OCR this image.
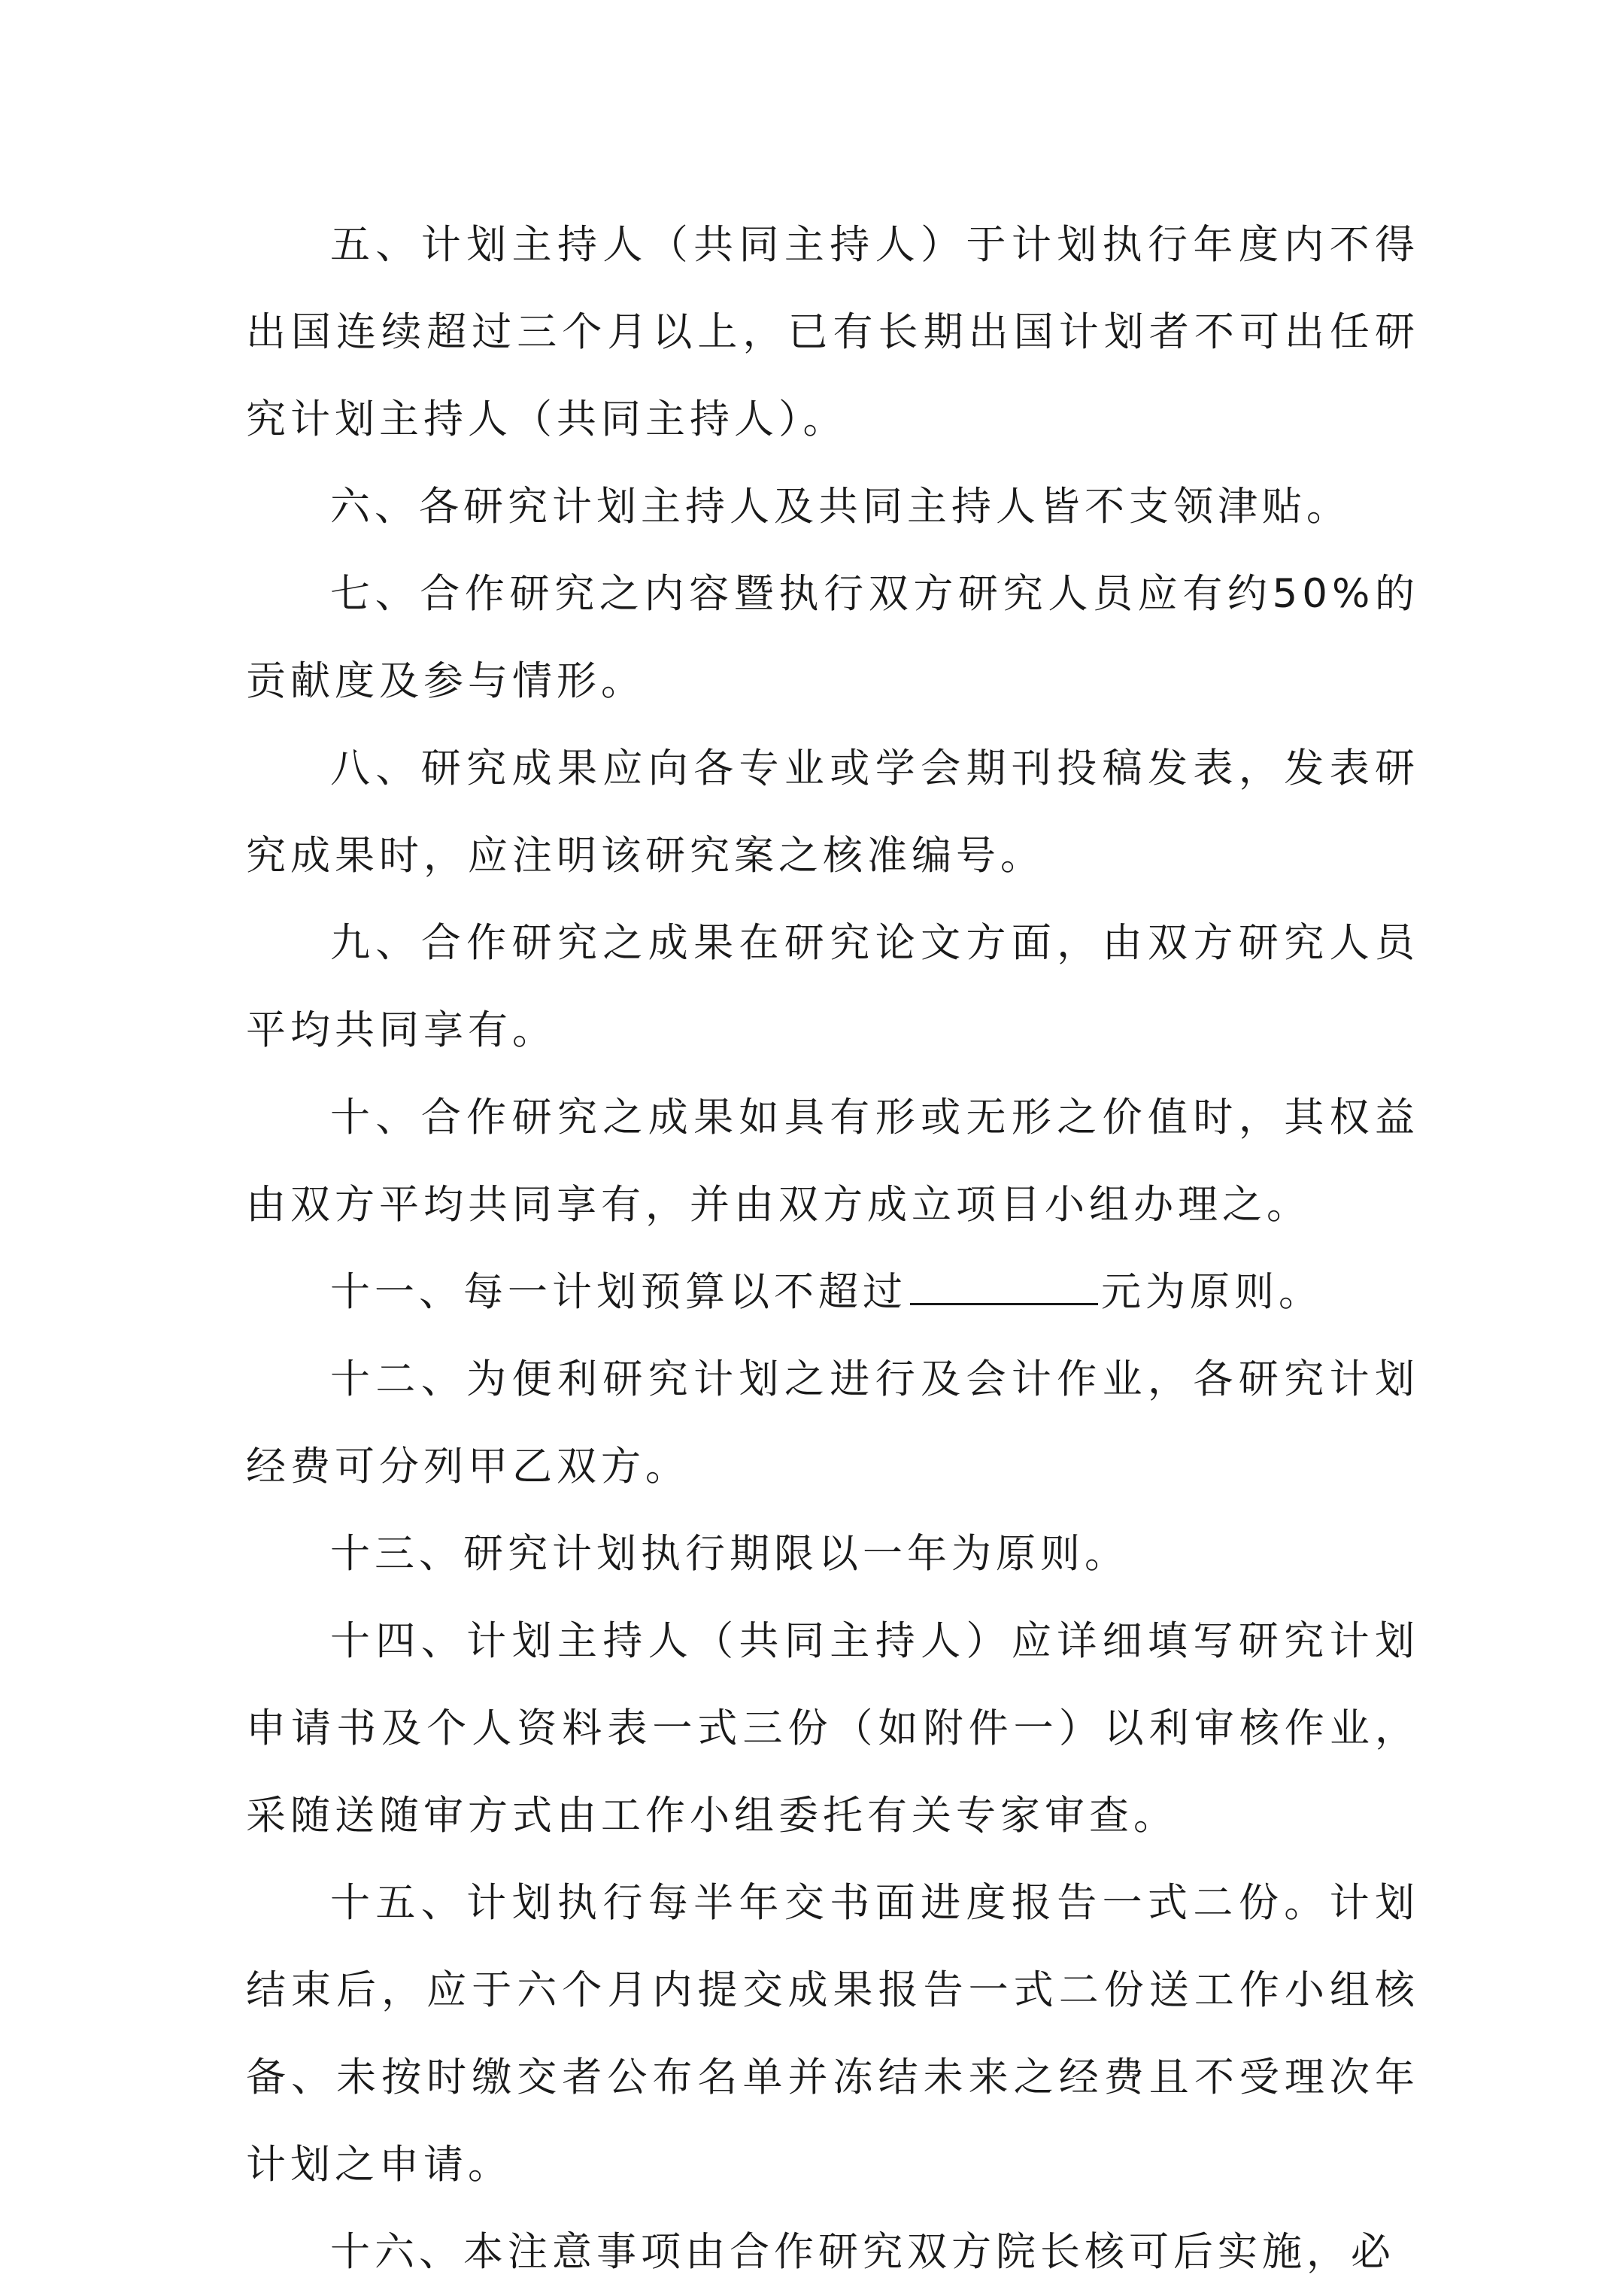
五、计划主持人（共同主持人）于计划执行年度内不得出国连续超过三个月以上，已有长期出国计划者不可出任研究计划主持人（共同主持人）。

六、各研究计划主持人及共同主持人皆不支领津贴。

七、合作研究之内容暨执行双方研究人员应有约50%的贡献度及参与情形。

八、研究成果应向各专业或学会期刊投稿发表，发表研究成果时，应注明该研究案之核准编号。

九、合作研究之成果在研究论文方面，由双方研究人员平均共同享有。

十、合作研究之成果如具有形或无形之价值时，其权益由双方平均共同享有，并由双方成立项目小组办理之。

十一、每一计划预算以不超过	元为原则。

十二、为便利研究计划之进行及会计作业，各研究计划经费可分列甲乙双方。

十三、研究计划执行期限以一年为原则。

十四、计划主持人（共同主持人）应详细填写研究计划申请书及个人资料表一式三份（如附件一）以利审核作业，采随送随审方式由工作小组委托有关专家审查。

十五、计划执行每半年交书面进度报告一式二份。计划结束后，应于六个月内提交成果报告一式二份送工作小组核备、未按时缴交者公布名单并冻结未来之经费且不受理次年计划之申请。

十六、本注意事项由合作研究双方院长核可后实施，必
